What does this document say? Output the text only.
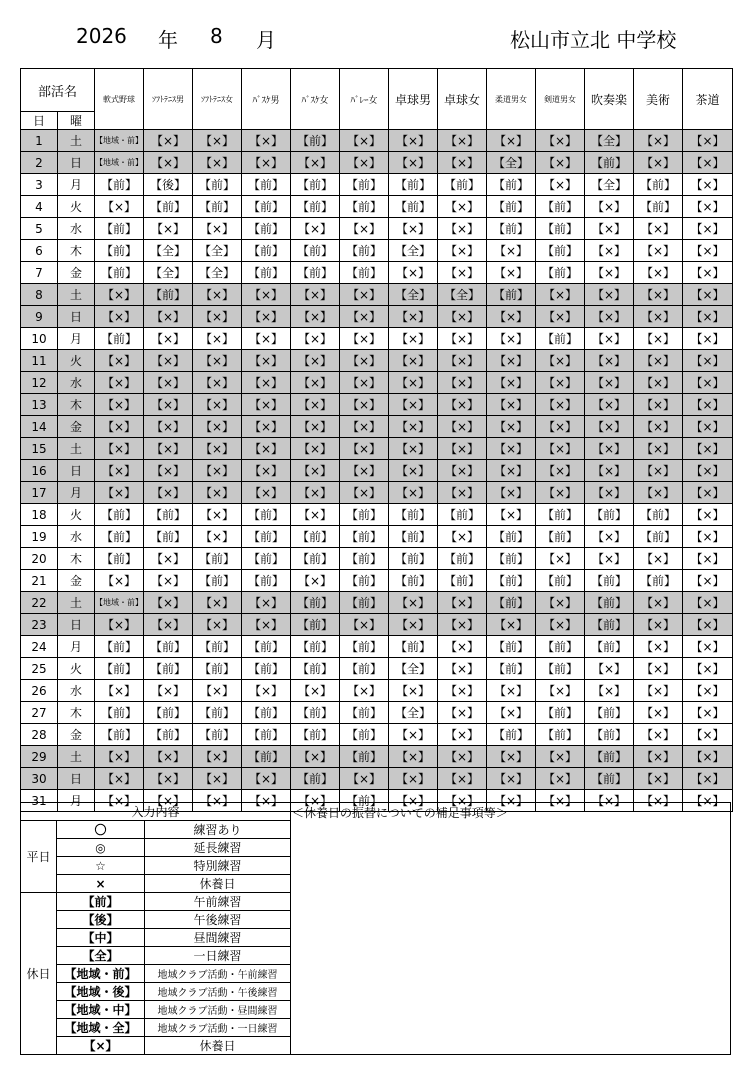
2026 年 8 月	松山市立北 中学校
部活名		軟式野球	ｿﾌﾄﾃﾆｽ男	ｿﾌﾄﾃﾆｽ女	ﾊﾞｽｹ男	ﾊﾞｽｹ女	ﾊﾞﾚｰ女	卓球男	卓球女	柔道男女	剣道男女	吹奏楽	美術	茶道
日	曜													
1	土	【地域・前】	【×】	【×】	【×】	【前】	【×】	【×】	【×】	【×】	【×】	【全】	【×】	【×】
2	日	【地域・前】	【×】	【×】	【×】	【×】	【×】	【×】	【×】	【全】	【×】	【前】	【×】	【×】
3	月	【前】	【後】	【前】	【前】	【前】	【前】	【前】	【前】	【前】	【×】	【全】	【前】	【×】
4	火	【×】	【前】	【前】	【前】	【前】	【前】	【前】	【×】	【前】	【前】	【×】	【前】	【×】
5	水	【前】	【×】	【×】	【前】	【×】	【×】	【×】	【×】	【前】	【前】	【×】	【×】	【×】
6	木	【前】	【全】	【全】	【前】	【前】	【前】	【全】	【×】	【×】	【前】	【×】	【×】	【×】
7	金	【前】	【全】	【全】	【前】	【前】	【前】	【×】	【×】	【×】	【前】	【×】	【×】	【×】
8	土	【×】	【前】	【×】	【×】	【×】	【×】	【全】	【全】	【前】	【×】	【×】	【×】	【×】
9	日	【×】	【×】	【×】	【×】	【×】	【×】	【×】	【×】	【×】	【×】	【×】	【×】	【×】
10	月	【前】	【×】	【×】	【×】	【×】	【×】	【×】	【×】	【×】	【前】	【×】	【×】	【×】
11	火	【×】	【×】	【×】	【×】	【×】	【×】	【×】	【×】	【×】	【×】	【×】	【×】	【×】
12	水	【×】	【×】	【×】	【×】	【×】	【×】	【×】	【×】	【×】	【×】	【×】	【×】	【×】
13	木	【×】	【×】	【×】	【×】	【×】	【×】	【×】	【×】	【×】	【×】	【×】	【×】	【×】
14	金	【×】	【×】	【×】	【×】	【×】	【×】	【×】	【×】	【×】	【×】	【×】	【×】	【×】
15	土	【×】	【×】	【×】	【×】	【×】	【×】	【×】	【×】	【×】	【×】	【×】	【×】	【×】
16	日	【×】	【×】	【×】	【×】	【×】	【×】	【×】	【×】	【×】	【×】	【×】	【×】	【×】
17	月	【×】	【×】	【×】	【×】	【×】	【×】	【×】	【×】	【×】	【×】	【×】	【×】	【×】
18	火	【前】	【前】	【×】	【前】	【×】	【前】	【前】	【前】	【×】	【前】	【前】	【前】	【×】
19	水	【前】	【前】	【×】	【前】	【前】	【前】	【前】	【×】	【前】	【前】	【×】	【前】	【×】
20	木	【前】	【×】	【前】	【前】	【前】	【前】	【前】	【前】	【前】	【×】	【×】	【×】	【×】
21	金	【×】	【×】	【前】	【前】	【×】	【前】	【前】	【前】	【前】	【前】	【前】	【前】	【×】
22	土	【地域・前】	【×】	【×】	【×】	【前】	【前】	【×】	【×】	【前】	【×】	【前】	【×】	【×】
23	日	【×】	【×】	【×】	【×】	【前】	【×】	【×】	【×】	【×】	【×】	【前】	【×】	【×】
24	月	【前】	【前】	【前】	【前】	【前】	【前】	【前】	【×】	【前】	【前】	【前】	【×】	【×】
25	火	【前】	【前】	【前】	【前】	【前】	【前】	【全】	【×】	【前】	【前】	【×】	【×】	【×】
26	水	【×】	【×】	【×】	【×】	【×】	【×】	【×】	【×】	【×】	【×】	【×】	【×】	【×】
27	木	【前】	【前】	【前】	【前】	【前】	【前】	【全】	【×】	【×】	【前】	【前】	【×】	【×】
28	金	【前】	【前】	【前】	【前】	【前】	【前】	【×】	【×】	【前】	【前】	【前】	【×】	【×】
29	土	【×】	【×】	【×】	【前】	【×】	【前】	【×】	【×】	【×】	【×】	【前】	【×】	【×】
30	日	【×】	【×】	【×】	【×】	【前】	【×】	【×】	【×】	【×】	【×】	【前】	【×】	【×】
31	月	【×】	【×】	【×】	【×】	【×】	【前】	【×】	【×】	【×】	【×】	【×】	【×】	【×】
入力内容		
平日	〇	練習あり
	◎	延長練習
	☆	特別練習
	×	休養日
休日	【前】	午前練習
	【後】	午後練習
	【中】	昼間練習
	【全】	一日練習
	【地域・前】	地域クラブ活動・午前練習
	【地域・後】	地域クラブ活動・午後練習
	【地域・中】	地域クラブ活動・昼間練習
	【地域・全】	地域クラブ活動・一日練習
	【×】	休養日
＜休養日の振替についての補足事項等＞
